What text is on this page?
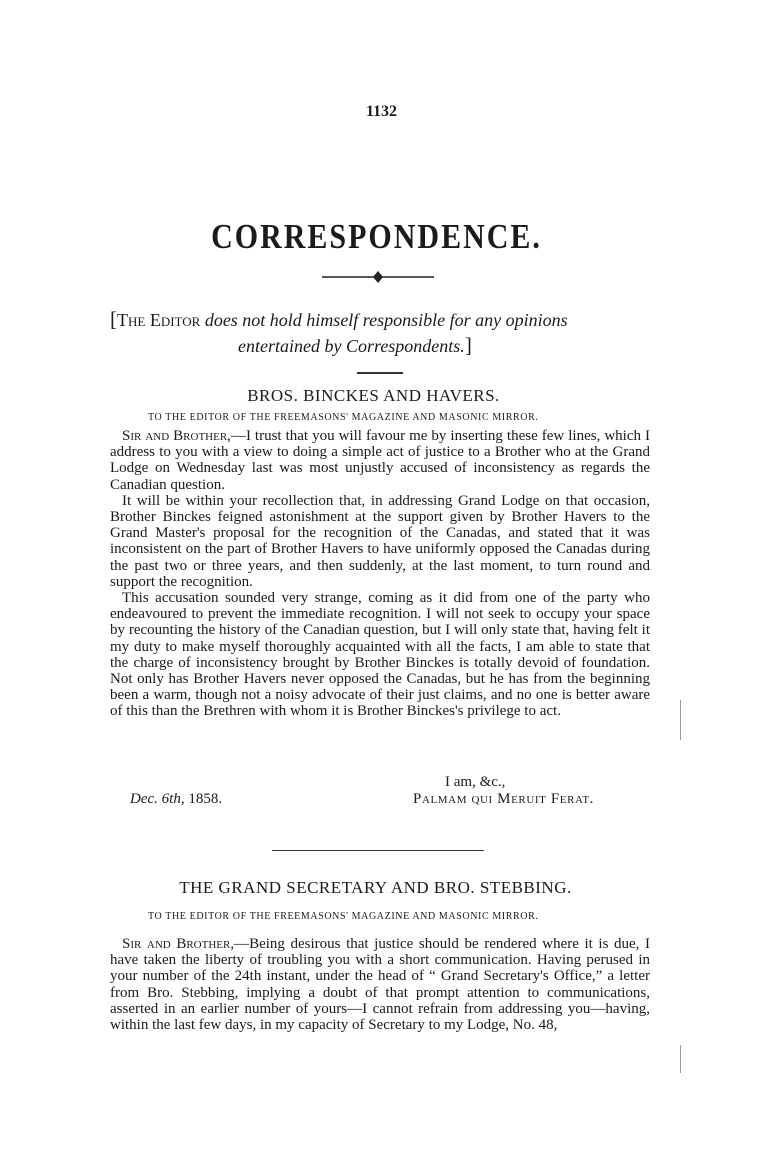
1132
CORRESPONDENCE.
[The Editor does not hold himself responsible for any opinions
entertained by Correspondents.]
BROS. BINCKES AND HAVERS.
TO THE EDITOR OF THE FREEMASONS' MAGAZINE AND MASONIC MIRROR.

Sir and Brother,—I trust that you will favour me by inserting these few lines, which I address to you with a view to doing a simple act of justice to a Brother who at the Grand Lodge on Wednesday last was most unjustly accused of inconsistency as regards the Canadian question.

It will be within your recollection that, in addressing Grand Lodge on that occasion, Brother Binckes feigned astonishment at the support given by Brother Havers to the Grand Master's proposal for the recognition of the Canadas, and stated that it was inconsistent on the part of Brother Havers to have uniformly opposed the Canadas during the past two or three years, and then suddenly, at the last moment, to turn round and support the recognition.

This accusation sounded very strange, coming as it did from one of the party who endeavoured to prevent the immediate recognition. I will not seek to occupy your space by recounting the history of the Canadian question, but I will only state that, having felt it my duty to make myself thoroughly acquainted with all the facts, I am able to state that the charge of inconsistency brought by Brother Binckes is totally devoid of foundation. Not only has Brother Havers never opposed the Canadas, but he has from the beginning been a warm, though not a noisy advocate of their just claims, and no one is better aware of this than the Brethren with whom it is Brother Binckes's privilege to act.

I am, &c.,
Dec. 6th, 1858.	Palmam qui Meruit Ferat.
THE GRAND SECRETARY AND BRO. STEBBING.
TO THE EDITOR OF THE FREEMASONS' MAGAZINE AND MASONIC MIRROR.

Sir and Brother,—Being desirous that justice should be rendered where it is due, I have taken the liberty of troubling you with a short communication. Having perused in your number of the 24th instant, under the head of “ Grand Secretary's Office,” a letter from Bro. Stebbing, implying a doubt of that prompt attention to communications, asserted in an earlier number of yours—I cannot refrain from addressing you—having, within the last few days, in my capacity of Secretary to my Lodge, No. 48,
